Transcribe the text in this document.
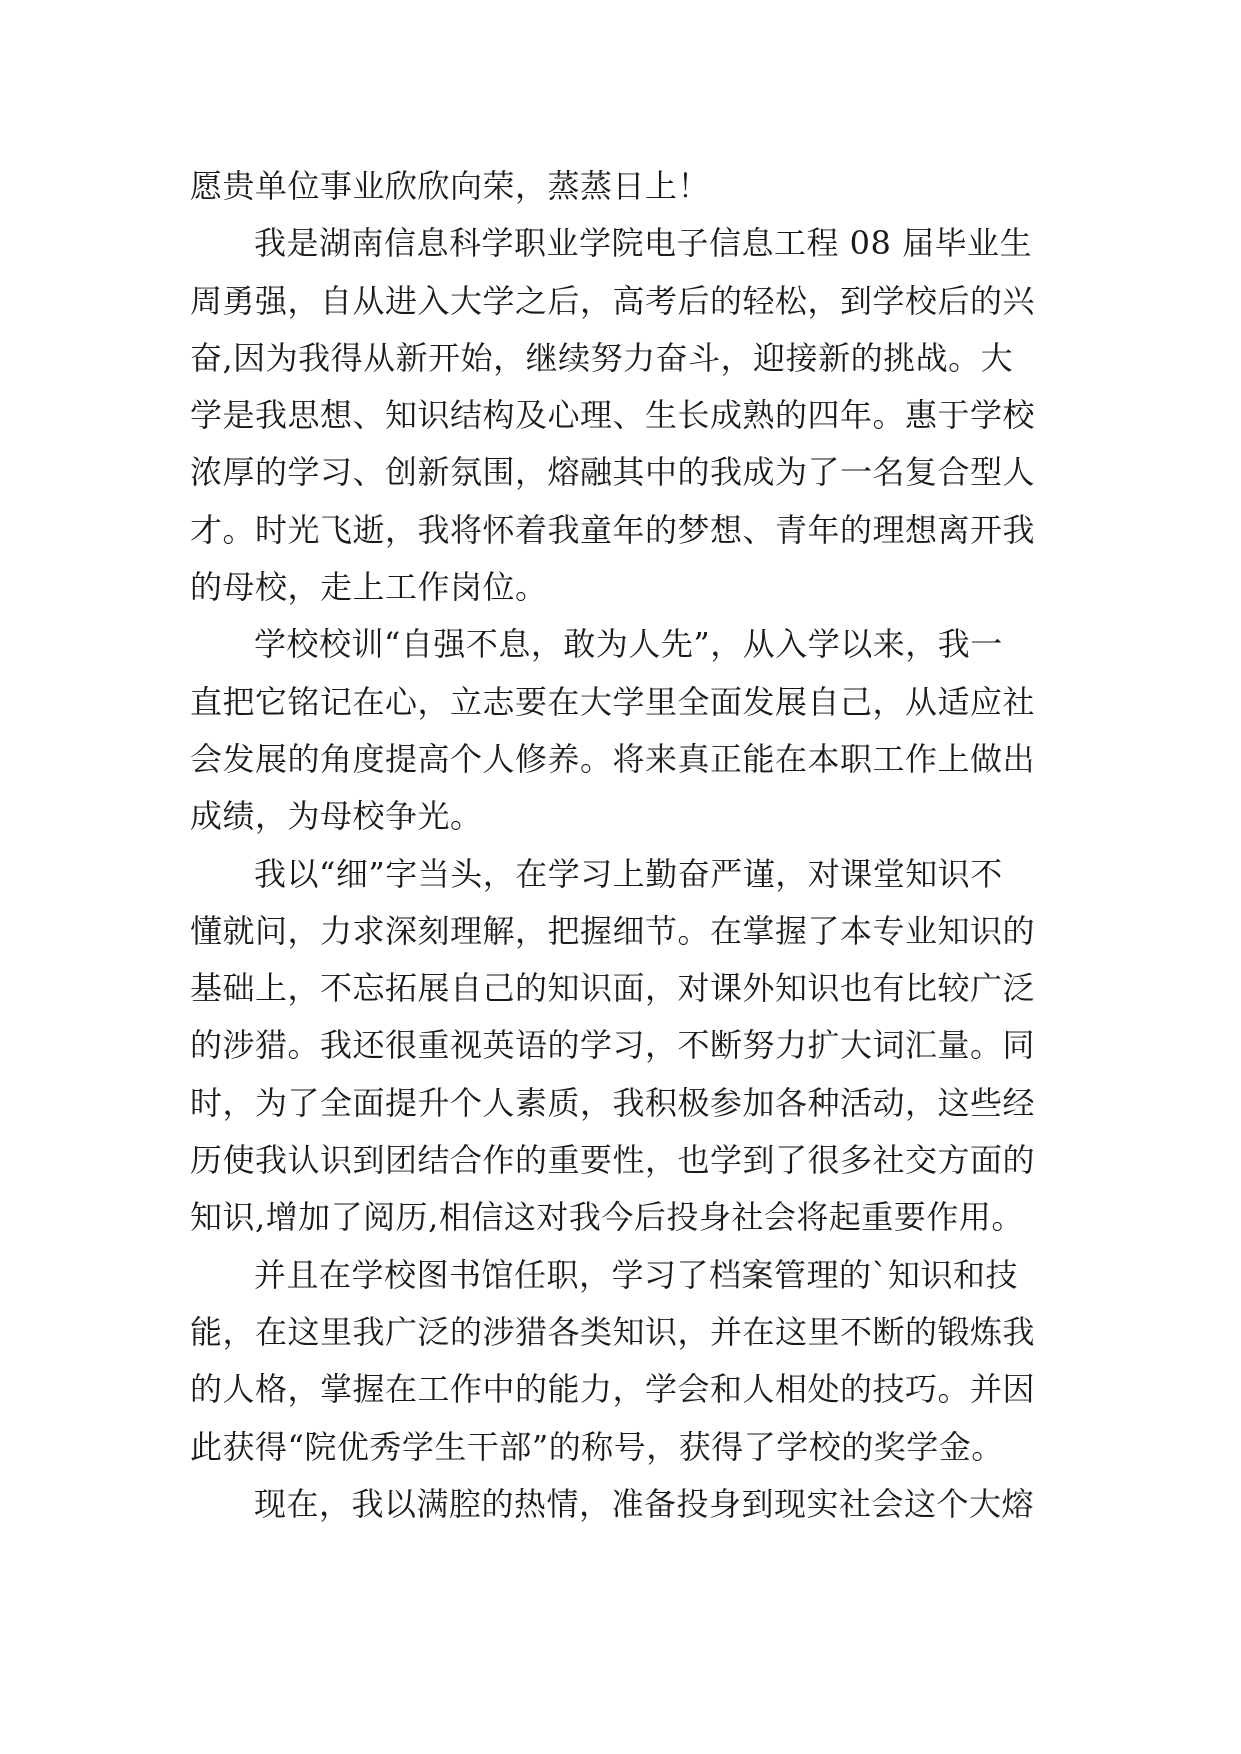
愿贵单位事业欣欣向荣，蒸蒸日上！
我是湖南信息科学职业学院电子信息工程 08 届毕业生
周勇强，自从进入大学之后，高考后的轻松，到学校后的兴
奋,因为我得从新开始，继续努力奋斗，迎接新的挑战。大
学是我思想、知识结构及心理、生长成熟的四年。惠于学校
浓厚的学习、创新氛围，熔融其中的我成为了一名复合型人
才。时光飞逝，我将怀着我童年的梦想、青年的理想离开我
的母校，走上工作岗位。
学校校训“自强不息，敢为人先”，从入学以来，我一
直把它铭记在心，立志要在大学里全面发展自己，从适应社
会发展的角度提高个人修养。将来真正能在本职工作上做出
成绩，为母校争光。
我以“细”字当头，在学习上勤奋严谨，对课堂知识不
懂就问，力求深刻理解，把握细节。在掌握了本专业知识的
基础上，不忘拓展自己的知识面，对课外知识也有比较广泛
的涉猎。我还很重视英语的学习，不断努力扩大词汇量。同
时，为了全面提升个人素质，我积极参加各种活动，这些经
历使我认识到团结合作的重要性，也学到了很多社交方面的
知识,增加了阅历,相信这对我今后投身社会将起重要作用。
并且在学校图书馆任职，学习了档案管理的`知识和技
能，在这里我广泛的涉猎各类知识，并在这里不断的锻炼我
的人格，掌握在工作中的能力，学会和人相处的技巧。并因
此获得“院优秀学生干部”的称号，获得了学校的奖学金。
现在，我以满腔的热情，准备投身到现实社会这个大熔
